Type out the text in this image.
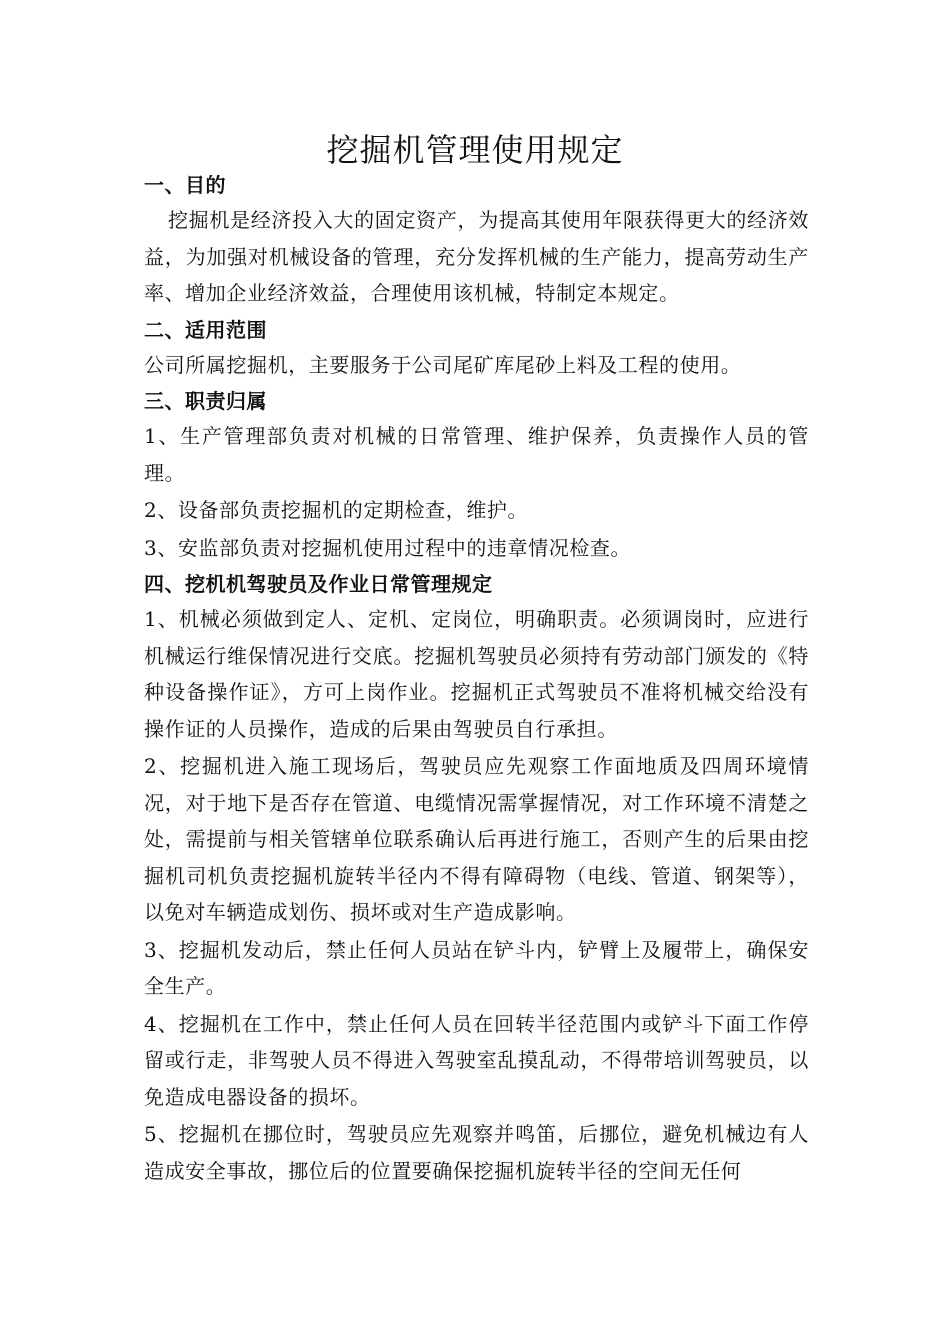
挖掘机管理使用规定

一、目的

挖掘机是经济投入大的固定资产，为提高其使用年限获得更大的经济效益，为加强对机械设备的管理，充分发挥机械的生产能力，提高劳动生产率、增加企业经济效益，合理使用该机械，特制定本规定。

二、适用范围

公司所属挖掘机，主要服务于公司尾矿库尾砂上料及工程的使用。

三、职责归属

1、生产管理部负责对机械的日常管理、维护保养，负责操作人员的管理。

2、设备部负责挖掘机的定期检查，维护。

3、安监部负责对挖掘机使用过程中的违章情况检查。

四、挖机机驾驶员及作业日常管理规定

1、机械必须做到定人、定机、定岗位，明确职责。必须调岗时，应进行机械运行维保情况进行交底。挖掘机驾驶员必须持有劳动部门颁发的《特种设备操作证》，方可上岗作业。挖掘机正式驾驶员不准将机械交给没有操作证的人员操作，造成的后果由驾驶员自行承担。

2、挖掘机进入施工现场后，驾驶员应先观察工作面地质及四周环境情况，对于地下是否存在管道、电缆情况需掌握情况，对工作环境不清楚之处，需提前与相关管辖单位联系确认后再进行施工，否则产生的后果由挖掘机司机负责挖掘机旋转半径内不得有障碍物（电线、管道、钢架等），以免对车辆造成划伤、损坏或对生产造成影响。

3、挖掘机发动后，禁止任何人员站在铲斗内，铲臂上及履带上，确保安全生产。

4、挖掘机在工作中，禁止任何人员在回转半径范围内或铲斗下面工作停留或行走，非驾驶人员不得进入驾驶室乱摸乱动，不得带培训驾驶员，以免造成电器设备的损坏。

5、挖掘机在挪位时，驾驶员应先观察并鸣笛，后挪位，避免机械边有人造成安全事故，挪位后的位置要确保挖掘机旋转半径的空间无任何
